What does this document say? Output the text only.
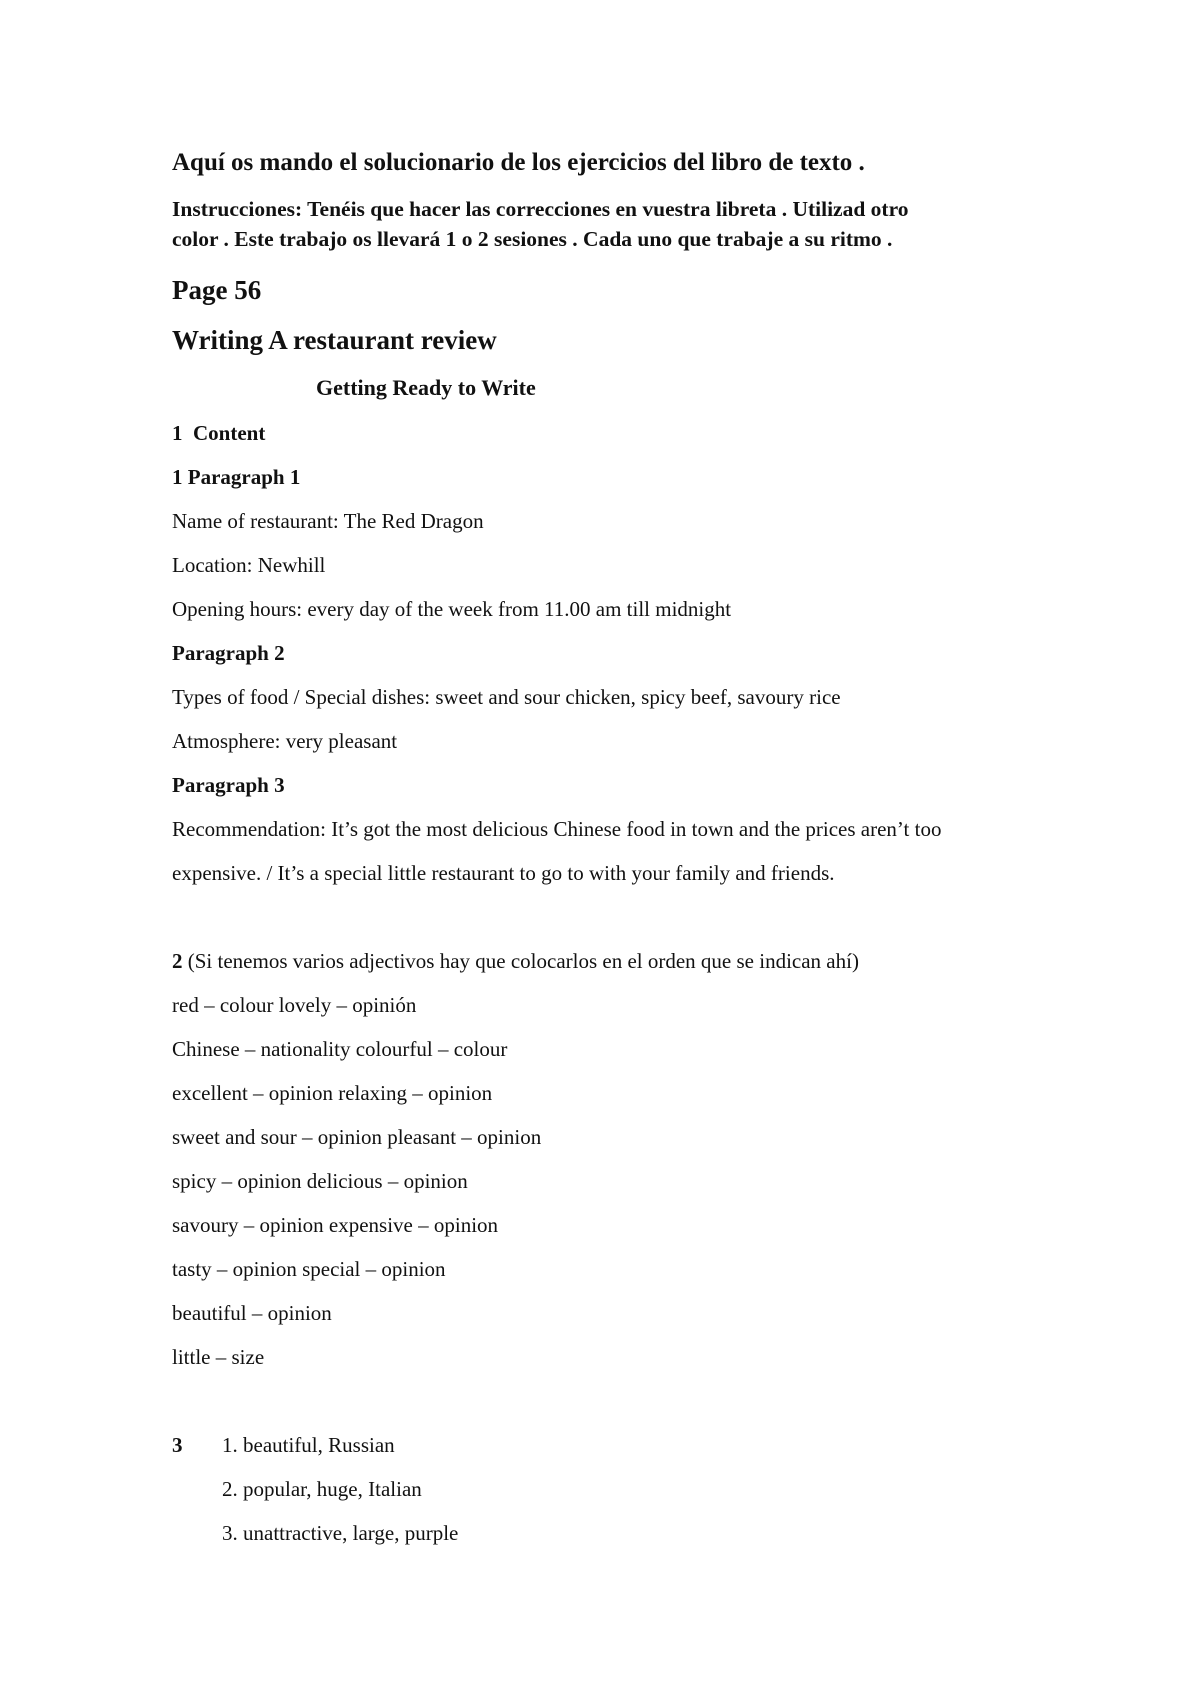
Aquí os mando el solucionario de los ejercicios del libro de texto .
Instrucciones: Tenéis que hacer las correcciones en vuestra libreta . Utilizad otro
color . Este trabajo os llevará 1 o 2 sesiones . Cada uno que trabaje a su ritmo .
Page 56
Writing A restaurant review
Getting Ready to Write
1  Content
1 Paragraph 1
Name of restaurant: The Red Dragon
Location: Newhill
Opening hours: every day of the week from 11.00 am till midnight
Paragraph 2
Types of food / Special dishes: sweet and sour chicken, spicy beef, savoury rice
Atmosphere: very pleasant
Paragraph 3
Recommendation: It’s got the most delicious Chinese food in town and the prices aren’t too
expensive. / It’s a special little restaurant to go to with your family and friends.
2 (Si tenemos varios adjectivos hay que colocarlos en el orden que se indican ahí)
red – colour lovely – opinión
Chinese – nationality colourful – colour
excellent – opinion relaxing – opinion
sweet and sour – opinion pleasant – opinion
spicy – opinion delicious – opinion
savoury – opinion expensive – opinion
tasty – opinion special – opinion
beautiful – opinion
little – size
3 1. beautiful, Russian
2. popular, huge, Italian
3. unattractive, large, purple
